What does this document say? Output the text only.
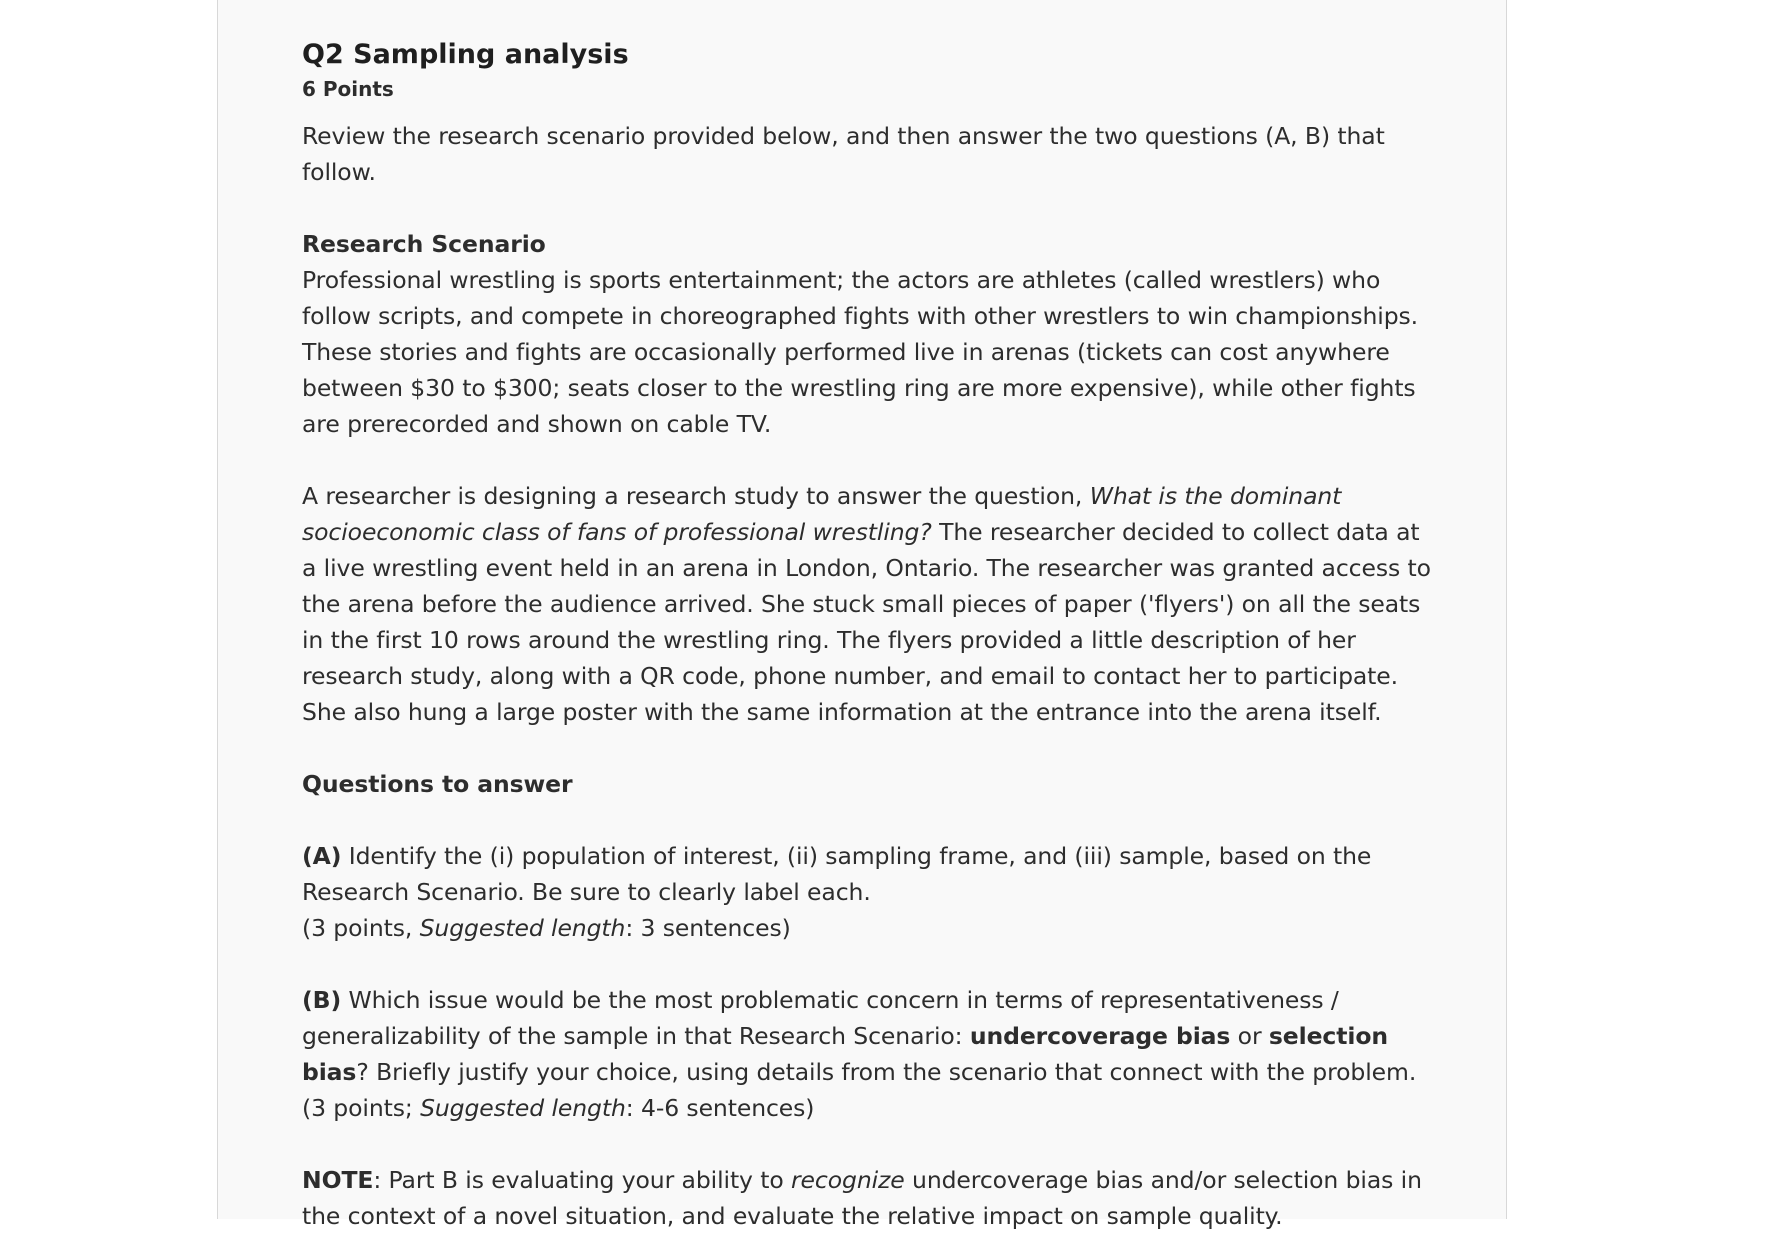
Q2 Sampling analysis
6 Points

Review the research scenario provided below, and then answer the two questions (A, B) that follow.

Research Scenario

Professional wrestling is sports entertainment; the actors are athletes (called wrestlers) who follow scripts, and compete in choreographed fights with other wrestlers to win championships. These stories and fights are occasionally performed live in arenas (tickets can cost anywhere between $30 to $300; seats closer to the wrestling ring are more expensive), while other fights are prerecorded and shown on cable TV.

A researcher is designing a research study to answer the question, What is the dominant socioeconomic class of fans of professional wrestling? The researcher decided to collect data at a live wrestling event held in an arena in London, Ontario. The researcher was granted access to the arena before the audience arrived. She stuck small pieces of paper ('flyers') on all the seats in the first 10 rows around the wrestling ring. The flyers provided a little description of her research study, along with a QR code, phone number, and email to contact her to participate. She also hung a large poster with the same information at the entrance into the arena itself.

Questions to answer

(A) Identify the (i) population of interest, (ii) sampling frame, and (iii) sample, based on the Research Scenario. Be sure to clearly label each.

(3 points, Suggested length: 3 sentences)

(B) Which issue would be the most problematic concern in terms of representativeness / generalizability of the sample in that Research Scenario: undercoverage bias or selection bias? Briefly justify your choice, using details from the scenario that connect with the problem.

(3 points; Suggested length: 4-6 sentences)

NOTE: Part B is evaluating your ability to recognize undercoverage bias and/or selection bias in the context of a novel situation, and evaluate the relative impact on sample quality.
